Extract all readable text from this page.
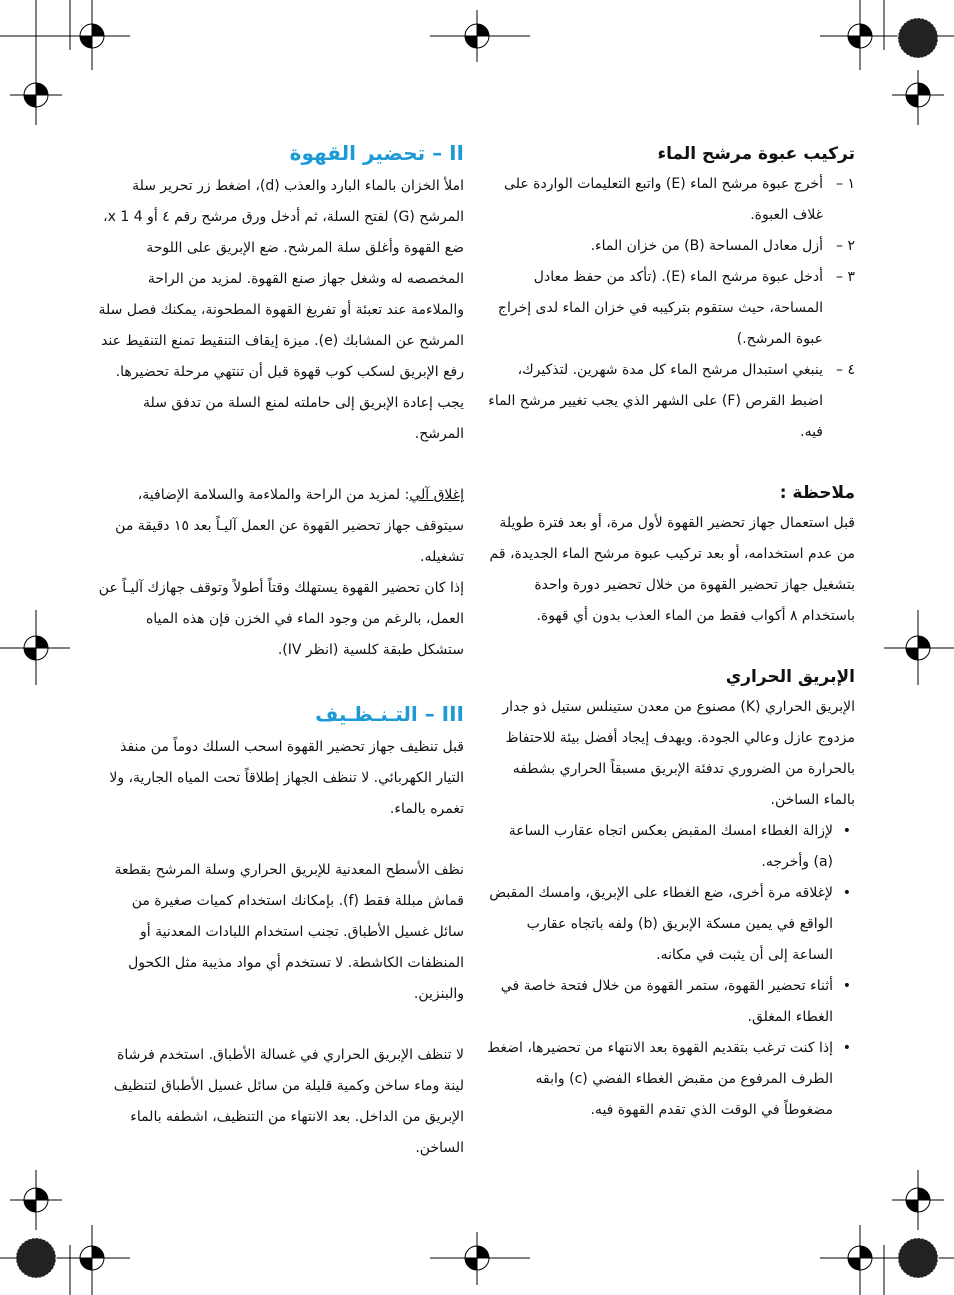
تركيب عبوة مرشح الماء
١ –
أخرج عبوة مرشح الماء (E) واتبع التعليمات الواردة على غلاف العبوة.
٢ –
أزل معادل المساحة (B) من خزان الماء.
٣ –
أدخل عبوة مرشح الماء (E). (تأكد من حفظ معادل المساحة، حيث ستقوم بتركيبه في خزان الماء لدى إخراج عبوة المرشح.)
٤ –
ينبغي استبدال مرشح الماء كل مدة شهرين. لتذكيرك، اضبط القرص (F) على الشهر الذي يجب تغيير مرشح الماء فيه.
ملاحظة :

قبل استعمال جهاز تحضير القهوة لأول مرة، أو بعد فترة طويلة من عدم استخدامه، أو بعد تركيب عبوة مرشح الماء الجديدة، قم بتشغيل جهاز تحضير القهوة من خلال تحضير دورة واحدة باستخدام ٨ أكواب فقط من الماء العذب بدون أي قهوة.

الإبريق الحراري

الإبريق الحراري (K) مصنوع من معدن ستينلس ستيل ذو جدار مزدوج عازل وعالي الجودة. ويهدف إيجاد أفضل بيئة للاحتفاظ بالحرارة من الضروري تدفئة الإبريق مسبقاً الحراري بشطفه بالماء الساخن.

•
لإزالة الغطاء امسك المقبض بعكس اتجاه عقارب الساعة (a) وأخرجه.
•
لإغلاقه مرة أخرى، ضع الغطاء على الإبريق، وامسك المقبض الواقع في يمين مسكة الإبريق (b) ولفه باتجاه عقارب الساعة إلى أن يثبت في مكانه.
•
أثناء تحضير القهوة، ستمر القهوة من خلال فتحة خاصة في الغطاء المغلق.
•
إذا كنت ترغب بتقديم القهوة بعد الانتهاء من تحضيرها، اضغط الطرف المرفوع من مقبض الغطاء الفضي (c) وابقه مضغوطاً في الوقت الذي تقدم القهوة فيه.
II – تحضير القهوة

املأ الخزان بالماء البارد والعذب (d)، اضغط زر تحرير سلة المرشح (G) لفتح السلة، ثم أدخل ورق مرشح رقم ٤ أو 4 x 1، ضع القهوة وأغلق سلة المرشح. ضع الإبريق على اللوحة المخصصه له وشغل جهاز صنع القهوة. لمزيد من الراحة والملاءمة عند تعبئة أو تفريغ القهوة المطحونة، يمكنك فصل سلة المرشح عن المشابك (e). ميزة إيقاف التنقيط تمنع التنقيط عند رفع الإبريق لسكب كوب قهوة قبل أن تنتهي مرحلة تحضيرها. يجب إعادة الإبريق إلى حاملته لمنع السلة من تدفق سلة المرشح.

إغلاق آلي: لمزيد من الراحة والملاءمة والسلامة الإضافية، سيتوقف جهاز تحضير القهوة عن العمل آليـاً بعد ١٥ دقيقة من تشغيله.

إذا كان تحضير القهوة يستهلك وقتاً أطولاً وتوقف جهازك آليـاً عن العمل، بالرغم من وجود الماء في الخزن فإن هذه المياه ستشكل طبقة كلسية (انظر IV).

III – التـنـظـيف

قبل تنظيف جهاز تحضير القهوة اسحب السلك دوماً من منفذ التيار الكهربائي. لا تنظف الجهاز إطلاقاً تحت المياه الجارية، ولا تغمره بالماء.

نظف الأسطح المعدنية للإبريق الحراري وسلة المرشح بقطعة قماش مبللة فقط (f). بإمكانك استخدام كميات صغيرة من سائل غسيل الأطباق. تجنب استخدام اللبادات المعدنية أو المنظفات الكاشطة. لا تستخدم أي مواد مذيبة مثل الكحول والبنزين.

لا تنظف الإبريق الحراري في غسالة الأطباق. استخدم فرشاة لينة وماء ساخن وكمية قليلة من سائل غسيل الأطباق لتنظيف الإبريق من الداخل. بعد الانتهاء من التنظيف، اشطفه بالماء الساخن.
